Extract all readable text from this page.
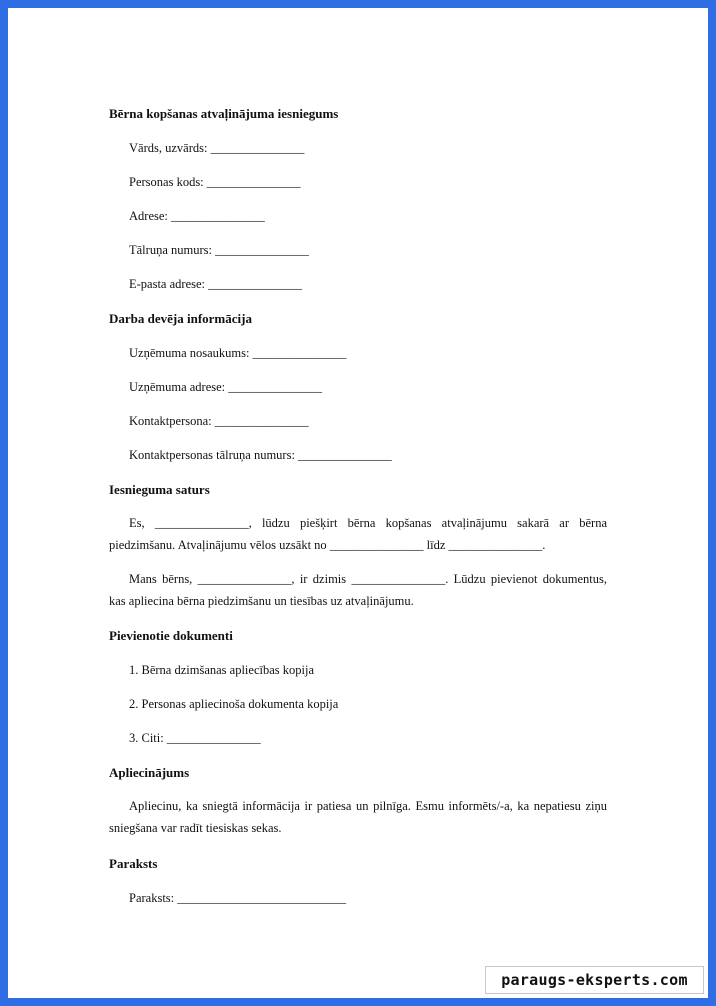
Bērna kopšanas atvaļinājuma iesniegums
Vārds, uzvārds: _______________
Personas kods: _______________
Adrese: _______________
Tālruņa numurs: _______________
E-pasta adrese: _______________
Darba devēja informācija
Uzņēmuma nosaukums: _______________
Uzņēmuma adrese: _______________
Kontaktpersona: _______________
Kontaktpersonas tālruņa numurs: _______________
Iesnieguma saturs
Es, _______________, lūdzu piešķirt bērna kopšanas atvaļinājumu sakarā ar bērna piedzimšanu. Atvaļinājumu vēlos uzsākt no _______________ līdz _______________.
Mans bērns, _______________, ir dzimis _______________. Lūdzu pievienot dokumentus, kas apliecina bērna piedzimšanu un tiesības uz atvaļinājumu.
Pievienotie dokumenti
1. Bērna dzimšanas apliecības kopija
2. Personas apliecinoša dokumenta kopija
3. Citi: _______________
Apliecinājums
Apliecinu, ka sniegtā informācija ir patiesa un pilnīga. Esmu informēts/-a, ka nepatiesu ziņu sniegšana var radīt tiesiskas sekas.
Paraksts
Paraksts: ___________________________
paraugs-eksperts.com
